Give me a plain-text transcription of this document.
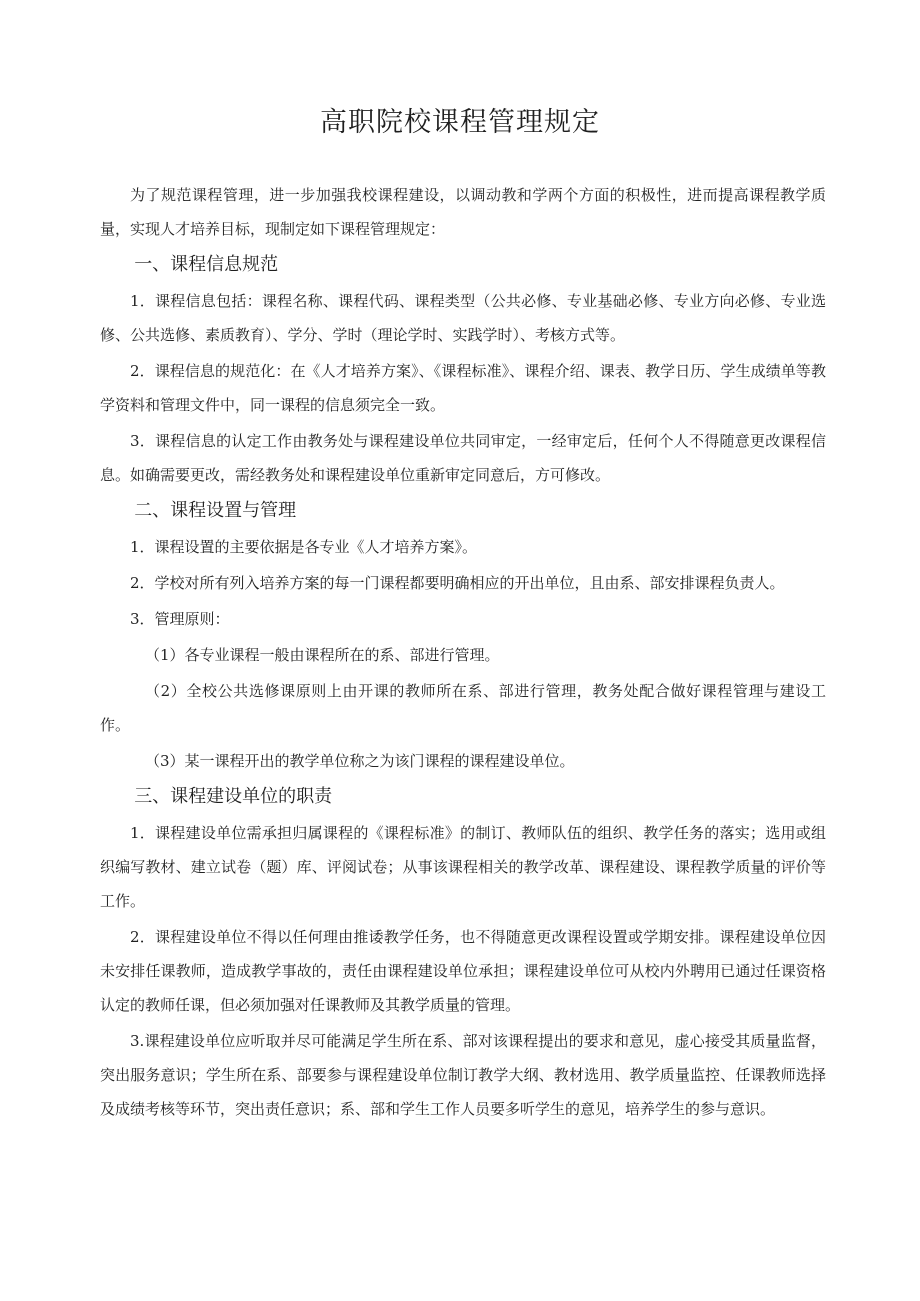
高职院校课程管理规定

为了规范课程管理，进一步加强我校课程建设，以调动教和学两个方面的积极性，进而提高课程教学质量，实现人才培养目标，现制定如下课程管理规定：

一、课程信息规范

1．课程信息包括：课程名称、课程代码、课程类型（公共必修、专业基础必修、专业方向必修、专业选修、公共选修、素质教育）、学分、学时（理论学时、实践学时）、考核方式等。

2．课程信息的规范化：在《人才培养方案》、《课程标准》、课程介绍、课表、教学日历、学生成绩单等教学资料和管理文件中，同一课程的信息须完全一致。

3．课程信息的认定工作由教务处与课程建设单位共同审定，一经审定后，任何个人不得随意更改课程信息。如确需要更改，需经教务处和课程建设单位重新审定同意后，方可修改。

二、课程设置与管理

1．课程设置的主要依据是各专业《人才培养方案》。

2．学校对所有列入培养方案的每一门课程都要明确相应的开出单位，且由系、部安排课程负责人。

3．管理原则：

（1）各专业课程一般由课程所在的系、部进行管理。

（2）全校公共选修课原则上由开课的教师所在系、部进行管理，教务处配合做好课程管理与建设工作。

（3）某一课程开出的教学单位称之为该门课程的课程建设单位。

三、课程建设单位的职责

1．课程建设单位需承担归属课程的《课程标准》的制订、教师队伍的组织、教学任务的落实；选用或组织编写教材、建立试卷（题）库、评阅试卷；从事该课程相关的教学改革、课程建设、课程教学质量的评价等工作。

2．课程建设单位不得以任何理由推诿教学任务，也不得随意更改课程设置或学期安排。课程建设单位因未安排任课教师，造成教学事故的，责任由课程建设单位承担；课程建设单位可从校内外聘用已通过任课资格认定的教师任课，但必须加强对任课教师及其教学质量的管理。

3.课程建设单位应听取并尽可能满足学生所在系、部对该课程提出的要求和意见，虚心接受其质量监督，突出服务意识；学生所在系、部要参与课程建设单位制订教学大纲、教材选用、教学质量监控、任课教师选择及成绩考核等环节，突出责任意识；系、部和学生工作人员要多听学生的意见，培养学生的参与意识。
